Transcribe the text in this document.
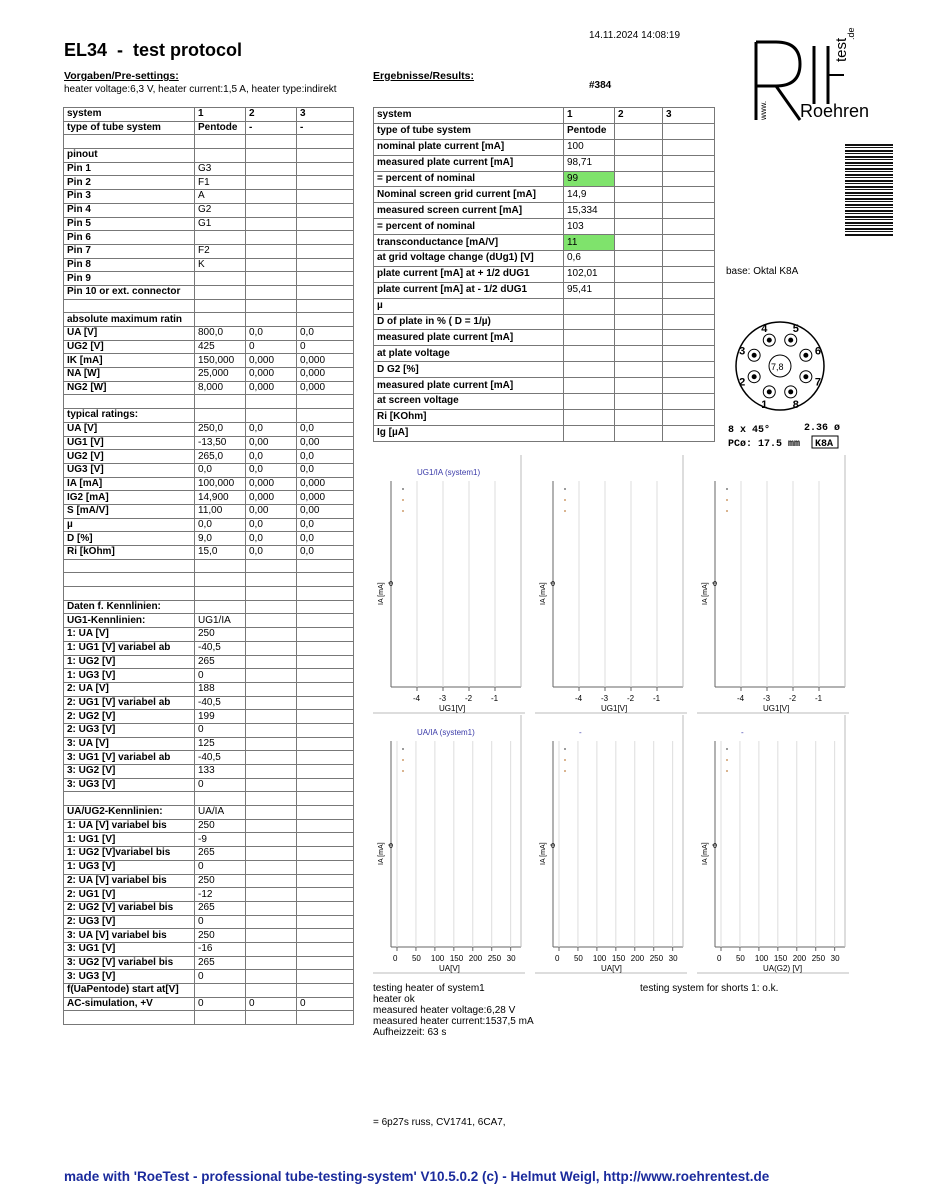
EL34  -  test protocol
14.11.2024 14:08:19
Vorgaben/Pre-settings:
heater voltage:6,3 V, heater current:1,5 A, heater type:indirekt
Ergebnisse/Results:
#384
system	1	2	3
type of tube system	Pentode	-	-

pinout			
Pin 1	G3		
Pin 2	F1		
Pin 3	A		
Pin 4	G2		
Pin 5	G1		
Pin 6			
Pin 7	F2		
Pin 8	K		
Pin 9			
Pin 10 or ext. connector			

absolute maximum ratin			
UA [V]	800,0	0,0	0,0
UG2 [V]	425	0	0
IK [mA]	150,000	0,000	0,000
NA [W]	25,000	0,000	0,000
NG2 [W]	8,000	0,000	0,000

typical ratings:			
UA [V]	250,0	0,0	0,0
UG1 [V]	-13,50	0,00	0,00
UG2 [V]	265,0	0,0	0,0
UG3 [V]	0,0	0,0	0,0
IA [mA]	100,000	0,000	0,000
IG2 [mA]	14,900	0,000	0,000
S [mA/V]	11,00	0,00	0,00
µ	0,0	0,0	0,0
D [%]	9,0	0,0	0,0
Ri [kOhm]	15,0	0,0	0,0

Daten f. Kennlinien:			
UG1-Kennlinien:	UG1/IA		
1: UA [V]	250		
1: UG1 [V] variabel ab	-40,5		
1: UG2 [V]	265		
1: UG3 [V]	0		
2: UA [V]	188		
2: UG1 [V] variabel ab	-40,5		
2: UG2 [V]	199		
2: UG3 [V]	0		
3: UA [V]	125		
3: UG1 [V] variabel ab	-40,5		
3: UG2 [V]	133		
3: UG3 [V]	0		

UA/UG2-Kennlinien:	UA/IA		
1: UA [V] variabel bis	250		
1: UG1 [V]	-9		
1: UG2 [V]variabel bis	265		
1: UG3 [V]	0		
2: UA [V] variabel bis	250		
2: UG1 [V]	-12		
2: UG2 [V] variabel bis	265		
2: UG3 [V]	0		
3: UA [V] variabel bis	250		
3: UG1 [V]	-16		
3: UG2 [V] variabel bis	265		
3: UG3 [V]	0		
f(UaPentode) start at[V]			
AC-simulation, +V	0	0	0

system	1	2	3
type of tube system	Pentode		
nominal plate current [mA]	100		
measured plate current [mA]	98,71		
= percent of nominal	99		
Nominal screen grid current [mA]	14,9		
measured screen current [mA]	15,334		
= percent of nominal	103		
transconductance [mA/V]	11		
at grid voltage change (dUg1) [V]	0,6		
plate current [mA] at + 1/2 dUG1	102,01		
plate current [mA] at - 1/2 dUG1	95,41		
µ			
D of plate in % ( D = 1/µ)			
measured plate current [mA]			
at plate voltage			
D G2 [%]			
measured plate current [mA]			
at screen voltage			
Ri [KOhm]			
Ig [µA]			
test
.de
www. Roehren
base: Oktal K8A
7,8
1
2
3
4 5
6
7
8
8 x 45°	2.36 ø
PCø: 17.5 mm K8A
-4 -3 -2 -1
0
IA [mA]
UG1[V]
UG1/IA (system1)
-4 -3 -2 -1
0
IA [mA]
UG1[V]
-4 -3 -2 -1
0
IA [mA]
UG1[V]
0 50 100 150 200 250 30
0
IA [mA]
UA[V]
UA/IA (system1)
0 50 100 150 200 250 30
0
IA [mA]
UA[V]
-
0 50 100 150 200 250 30
0
IA [mA]
UA(G2) [V]
-
testing heater of system1
heater ok
measured heater voltage:6,28 V
measured heater current:1537,5 mA
Aufheizzeit: 63 s
testing system for shorts 1: o.k.
= 6p27s russ, CV1741, 6CA7,
made with 'RoeTest - professional tube-testing-system' V10.5.0.2 (c) - Helmut Weigl, http://www.roehrentest.de
